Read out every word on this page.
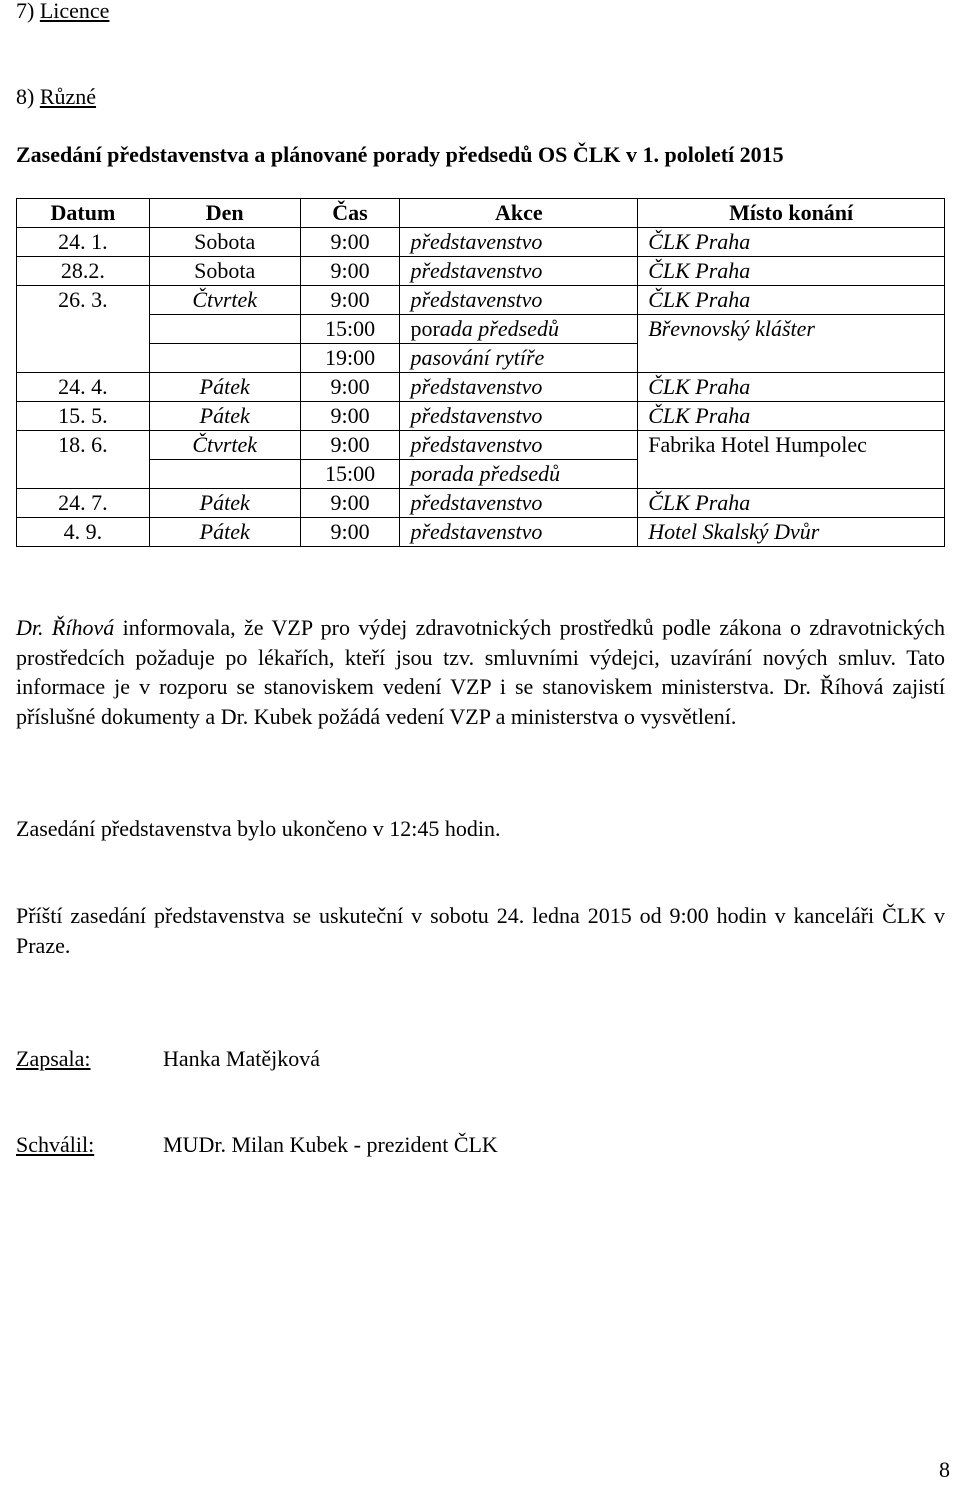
7) Licence
8) Různé
Zasedání představenstva a plánované porady předsedů OS ČLK v 1. pololetí 2015
Datum	Den	Čas	Akce	Místo konání
24. 1.	Sobota	9:00	představenstvo	ČLK Praha
28.2.	Sobota	9:00	představenstvo	ČLK Praha
26. 3.	Čtvrtek	9:00	představenstvo	ČLK Praha
		15:00	porada předsedů	Břevnovský klášter
		19:00	pasování rytíře	
24. 4.	Pátek	9:00	představenstvo	ČLK Praha
15. 5.	Pátek	9:00	představenstvo	ČLK Praha
18. 6.	Čtvrtek	9:00	představenstvo	Fabrika Hotel Humpolec
		15:00	porada předsedů	
24. 7.	Pátek	9:00	představenstvo	ČLK Praha
4. 9.	Pátek	9:00	představenstvo	Hotel Skalský Dvůr
Dr. Říhová informovala, že VZP pro výdej zdravotnických prostředků podle zákona o zdravotnických prostředcích požaduje po lékařích, kteří jsou tzv. smluvními výdejci, uzavírání nových smluv. Tato informace je v rozporu se stanoviskem vedení VZP i se stanoviskem ministerstva. Dr. Říhová zajistí příslušné dokumenty a Dr. Kubek požádá vedení VZP a ministerstva o vysvětlení.
Zasedání představenstva bylo ukončeno v 12:45 hodin.
Příští zasedání představenstva se uskuteční v sobotu 24. ledna 2015 od 9:00 hodin v kanceláři ČLK v Praze.
Zapsala:	Hanka Matějková
Schválil:	MUDr. Milan Kubek - prezident ČLK
8
